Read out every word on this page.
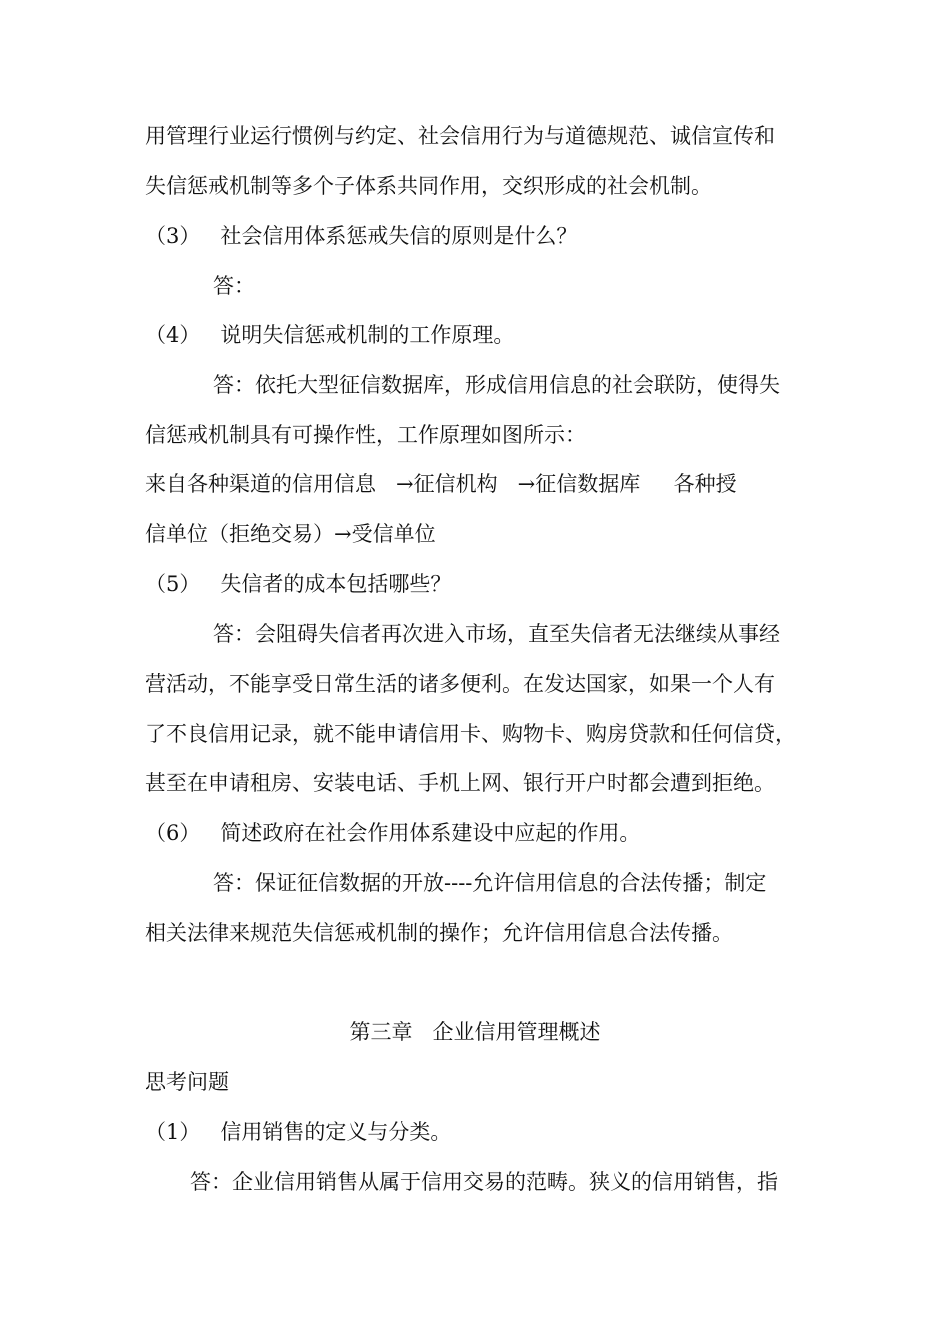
用管理行业运行惯例与约定、社会信用行为与道德规范、诚信宣传和
失信惩戒机制等多个子体系共同作用，交织形成的社会机制。
（3）   社会信用体系惩戒失信的原则是什么？
答：
（4）   说明失信惩戒机制的工作原理。
答：依托大型征信数据库，形成信用信息的社会联防，使得失
信惩戒机制具有可操作性，工作原理如图所示：
来自各种渠道的信用信息   →征信机构   →征信数据库     各种授
信单位（拒绝交易）→受信单位
（5）   失信者的成本包括哪些？
答：会阻碍失信者再次进入市场，直至失信者无法继续从事经
营活动，不能享受日常生活的诸多便利。在发达国家，如果一个人有
了不良信用记录，就不能申请信用卡、购物卡、购房贷款和任何信贷，
甚至在申请租房、安装电话、手机上网、银行开户时都会遭到拒绝。
（6）   简述政府在社会作用体系建设中应起的作用。
答：保证征信数据的开放----允许信用信息的合法传播；制定
相关法律来规范失信惩戒机制的操作；允许信用信息合法传播。
第三章   企业信用管理概述
思考问题
（1）   信用销售的定义与分类。
答：企业信用销售从属于信用交易的范畴。狭义的信用销售，指
